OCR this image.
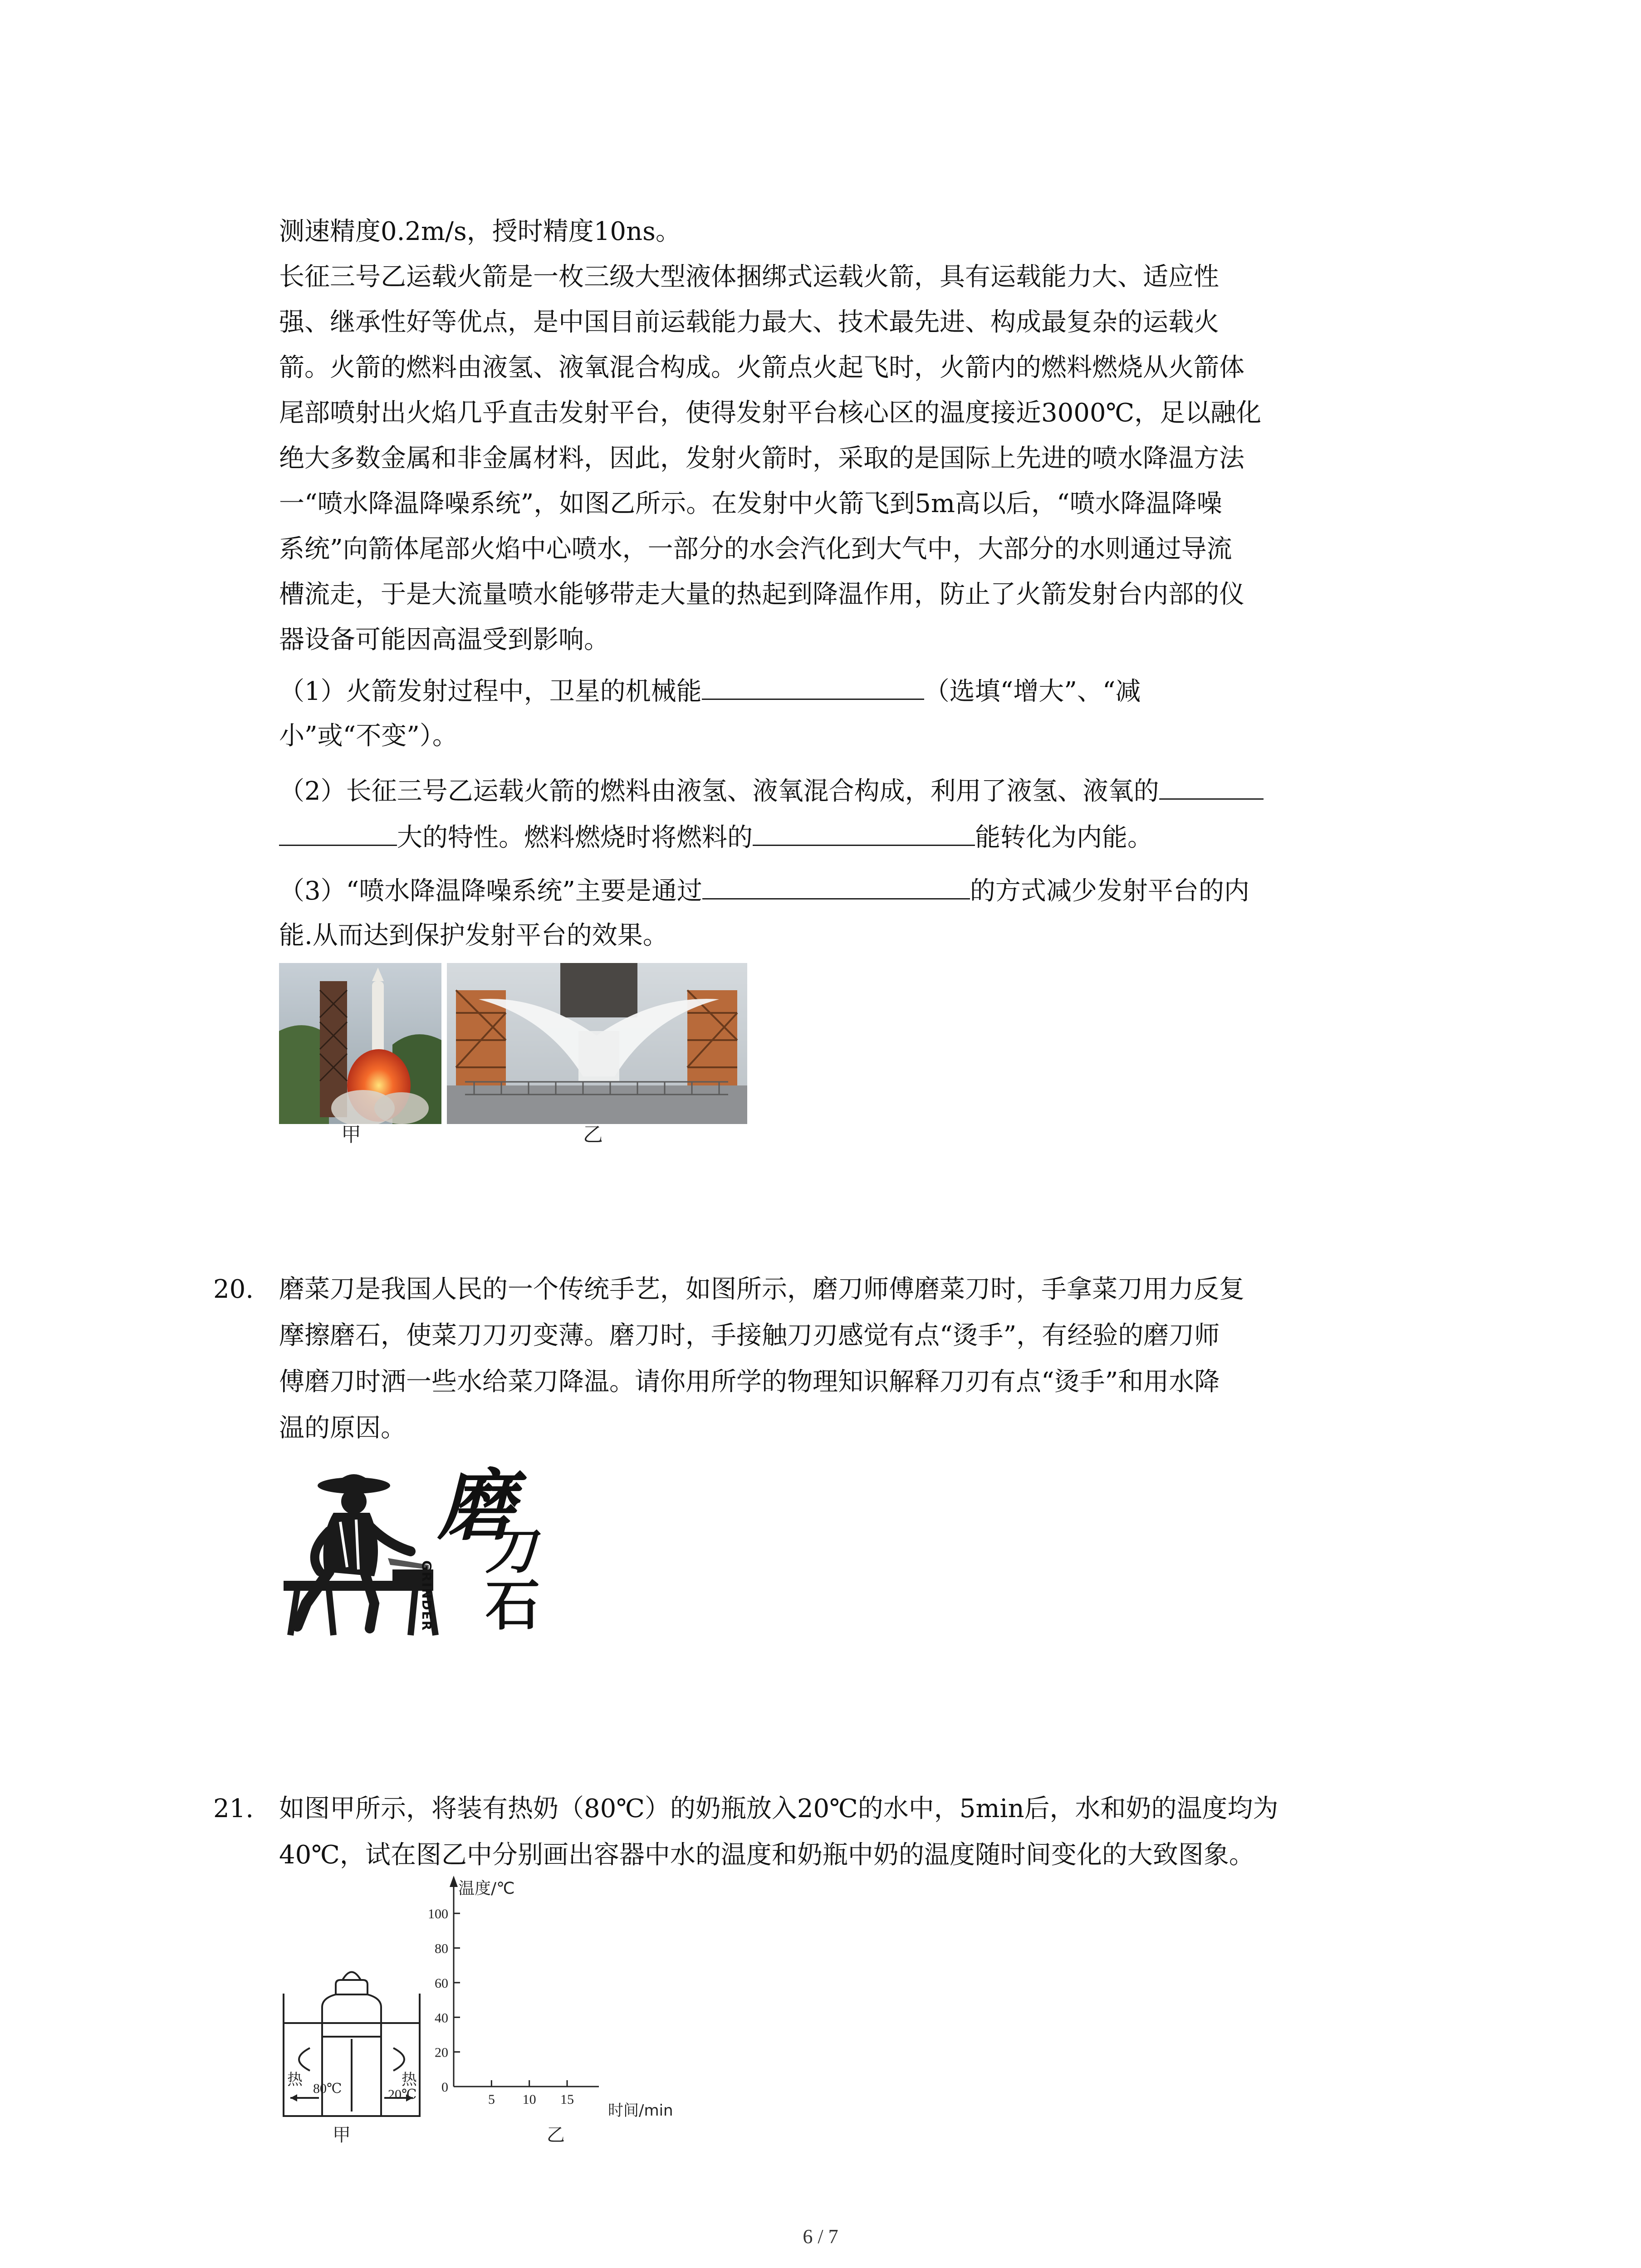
测速精度0.2m/s，授时精度10ns。
长征三号乙运载火箭是一枚三级大型液体捆绑式运载火箭，具有运载能力大、适应性
强、继承性好等优点，是中国目前运载能力最大、技术最先进、构成最复杂的运载火
箭。火箭的燃料由液氢、液氧混合构成。火箭点火起飞时，火箭内的燃料燃烧从火箭体
尾部喷射出火焰几乎直击发射平台，使得发射平台核心区的温度接近3000℃，足以融化
绝大多数金属和非金属材料，因此，发射火箭时，采取的是国际上先进的喷水降温方法
一“喷水降温降噪系统”，如图乙所示。在发射中火箭飞到5m高以后，“喷水降温降噪
系统”向箭体尾部火焰中心喷水，一部分的水会汽化到大气中，大部分的水则通过导流
槽流走，于是大流量喷水能够带走大量的热起到降温作用，防止了火箭发射台内部的仪
器设备可能因高温受到影响。
（1）火箭发射过程中，卫星的机械能	（选填“增大”、“减
小”或“不变”）。
（2）长征三号乙运载火箭的燃料由液氢、液氧混合构成，利用了液氢、液氧的
大的特性。燃料燃烧时将燃料的	能转化为内能。
（3）“喷水降温降噪系统”主要是通过	的方式减少发射平台的内
能.从而达到保护发射平台的效果。
甲	乙
20. 磨菜刀是我国人民的一个传统手艺，如图所示，磨刀师傅磨菜刀时，手拿菜刀用力反复
摩擦磨石，使菜刀刀刃变薄。磨刀时，手接触刀刃感觉有点“烫手”，有经验的磨刀师
傅磨刀时洒一些水给菜刀降温。请你用所学的物理知识解释刀刃有点“烫手”和用水降
温的原因。
磨
刀
石
GRINDER
21. 如图甲所示，将装有热奶（80℃）的奶瓶放入20℃的水中，5min后，水和奶的温度均为
40℃，试在图乙中分别画出容器中水的温度和奶瓶中奶的温度随时间变化的大致图象。
热	热
80℃	20℃
甲
0
20
40
60
80
100
5 10 15
温度/℃
时间/min
乙
6 / 7
